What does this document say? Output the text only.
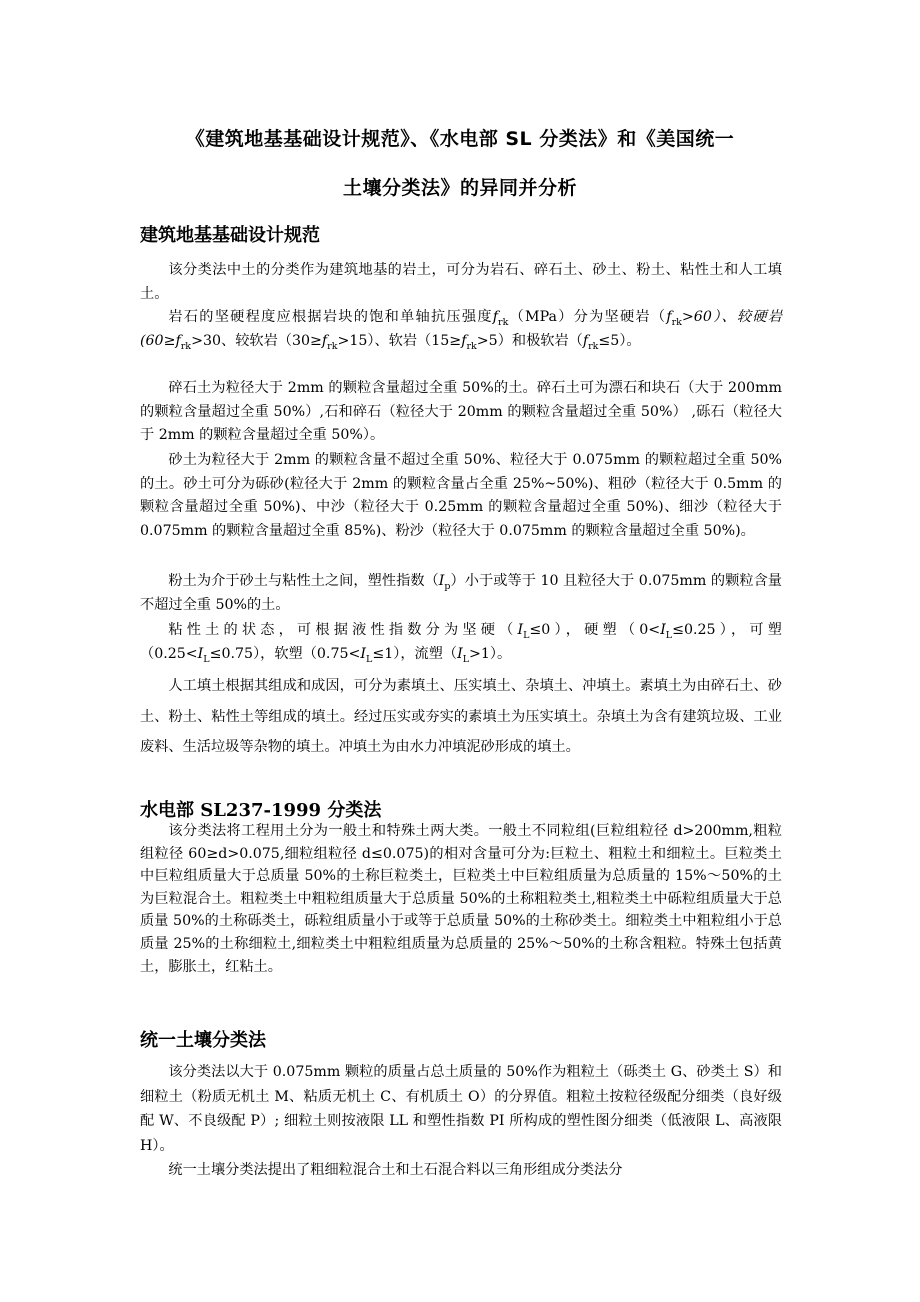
《建筑地基基础设计规范》、《水电部 SL 分类法》和《美国统一
土壤分类法》的异同并分析
建筑地基基础设计规范

该分类法中土的分类作为建筑地基的岩土，可分为岩石、碎石土、砂土、粉土、粘性土和人工填土。

岩石的坚硬程度应根据岩块的饱和单轴抗压强度$f_{rk}(MPa)$分为坚硬岩$(f_{rk}>60)$、较硬岩($60\ge f_{rk}>30$、较软岩$(30\ge f_{rk}>15)$、软岩$(15\ge f_{rk}>5)$和极软岩$(f_{rk}\le 5)$。

碎石土为粒径大于 2mm 的颗粒含量超过全重 50%的土。碎石土可为漂石和块石（大于 200mm 的颗粒含量超过全重 50%）,石和碎石（粒径大于 20mm 的颗粒含量超过全重 50%） ,砾石（粒径大于 2mm 的颗粒含量超过全重 50%）。

砂土为粒径大于 2mm 的颗粒含量不超过全重 50%、粒径大于 0.075mm 的颗粒超过全重 50%的土。砂土可分为砾砂(粒径大于 2mm 的颗粒含量占全重 25%~50%)、粗砂（粒径大于 0.5mm 的颗粒含量超过全重 50%)、中沙（粒径大于 0.25mm 的颗粒含量超过全重 50%)、细沙（粒径大于 0.075mm 的颗粒含量超过全重 85%)、粉沙（粒径大于 0.075mm 的颗粒含量超过全重 50%)。

粉土为介于砂土与粘性土之间，塑性指数$(I_p)$小于或等于 10 且粒径大于 0.075mm 的颗粒含量不超过全重 50%的土。

粘性土的状态，可根据液性指数分为坚硬$(I_L\le 0)$，硬塑$(0<I_L\le 0.25)$，可塑$(0.25<I_L\le 0.75)$，软塑$(0.75<I_L\le 1)$，流塑$(I_L>1)$。

人工填土根据其组成和成因，可分为素填土、压实填土、杂填土、冲填土。素填土为由碎石土、砂土、粉土、粘性土等组成的填土。经过压实或夯实的素填土为压实填土。杂填土为含有建筑垃圾、工业废料、生活垃圾等杂物的填土。冲填土为由水力冲填泥砂形成的填土。

水电部 SL237-1999 分类法

该分类法将工程用土分为一般土和特殊土两大类。一般土不同粒组(巨粒组粒径 d>200mm,粗粒组粒径 60≥d>0.075,细粒组粒径 d≤0.075)的相对含量可分为:巨粒土、粗粒土和细粒土。巨粒类土中巨粒组质量大于总质量 50%的土称巨粒类土，巨粒类土中巨粒组质量为总质量的 15%～50%的土为巨粒混合土。粗粒类土中粗粒组质量大于总质量 50%的土称粗粒类土,粗粒类土中砾粒组质量大于总质量 50%的土称砾类土，砾粒组质量小于或等于总质量 50%的土称砂类土。细粒类土中粗粒组小于总质量 25%的土称细粒土,细粒类土中粗粒组质量为总质量的 25%～50%的土称含粗粒。特殊土包括黄土，膨胀土，红粘土。

统一土壤分类法

该分类法以大于 0.075mm 颗粒的质量占总土质量的 50%作为粗粒土（砾类土 G、砂类土 S）和细粒土（粉质无机土 M、粘质无机土 C、有机质土 O）的分界值。粗粒土按粒径级配分细类（良好级配 W、不良级配 P）; 细粒土则按液限 LL 和塑性指数 PI 所构成的塑性图分细类（低液限 L、高液限 H）。

统一土壤分类法提出了粗细粒混合土和土石混合料以三角形组成分类法分
